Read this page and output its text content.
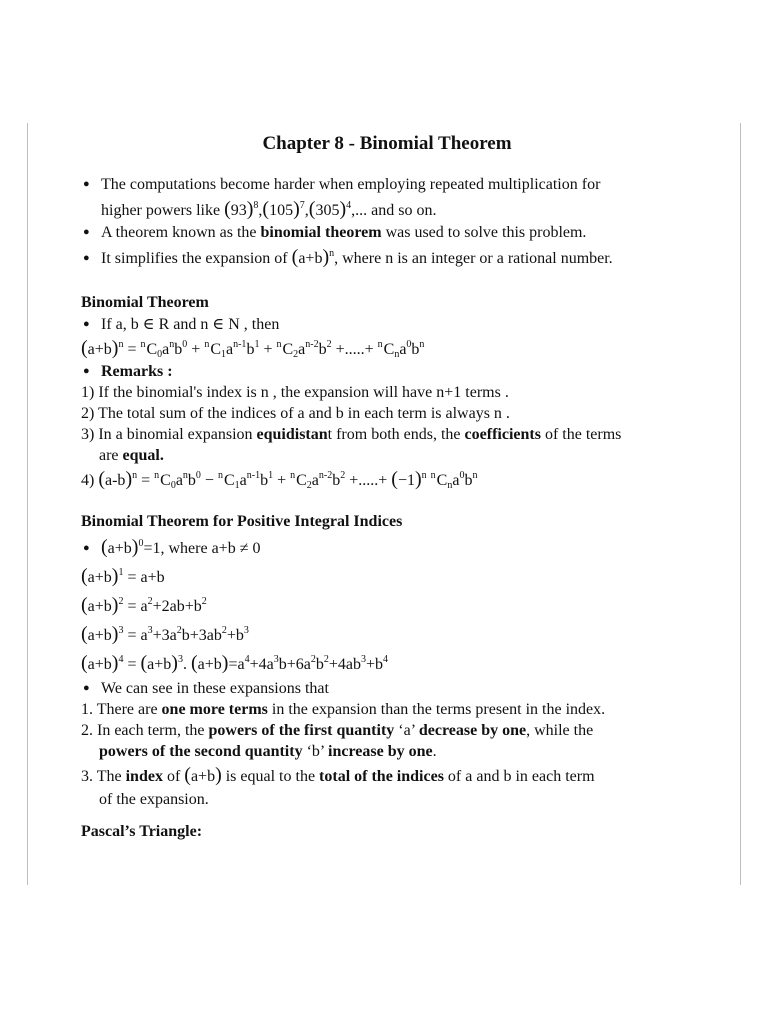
Chapter 8 - Binomial Theorem
●The computations become harder when employing repeated multiplication for
higher powers like $(93)^8,(105)^7,(305)^4$,... and so on.
●A theorem known as the binomial theorem was used to solve this problem.
●It simplifies the expansion of $(a+b)^n$, where n is an integer or a rational number.
Binomial Theorem
●If a, b ∈ R and n ∈ N , then
$(a+b)^n = ^nC_0a^nb^0 + ^nC_1a^{n-1}b^1 + ^nC_2a^{n-2}b^2$ +.....+ $^nC_na^0b^n$
●Remarks :
1) If the binomial's index is n , the expansion will have n+1 terms .
2) The total sum of the indices of a and b in each term is always n .
3) In a binomial expansion equidistant from both ends, the coefficients of the terms
are equal.
4) $(a-b)^n = ^nC_0a^nb^0 - ^nC_1a^{n-1}b^1 + ^nC_2a^{n-2}b^2$ +.....+ $(-1)^n$ $^nC_na^0b^n$
Binomial Theorem for Positive Integral Indices
$●(a+b)^0=1$, where a+b ≠ 0
$(a+b)^1 = a+b$
$(a+b)^2 = a^2+2ab+b^2$
$(a+b)^3 = a^3+3a^2b+3ab^2+b^3$
$(a+b)^4 = (a+b)^3$. $(a+b)=a^4+4a^3b+6a^2b^2+4ab^3+b^4$
●We can see in these expansions that
1. There are one more terms in the expansion than the terms present in the index.
2. In each term, the powers of the first quantity ‘a’ decrease by one, while the
powers of the second quantity ‘b’ increase by one.
3. The index of (a+b) is equal to the total of the indices of a and b in each term
of the expansion.
Pascal’s Triangle:
